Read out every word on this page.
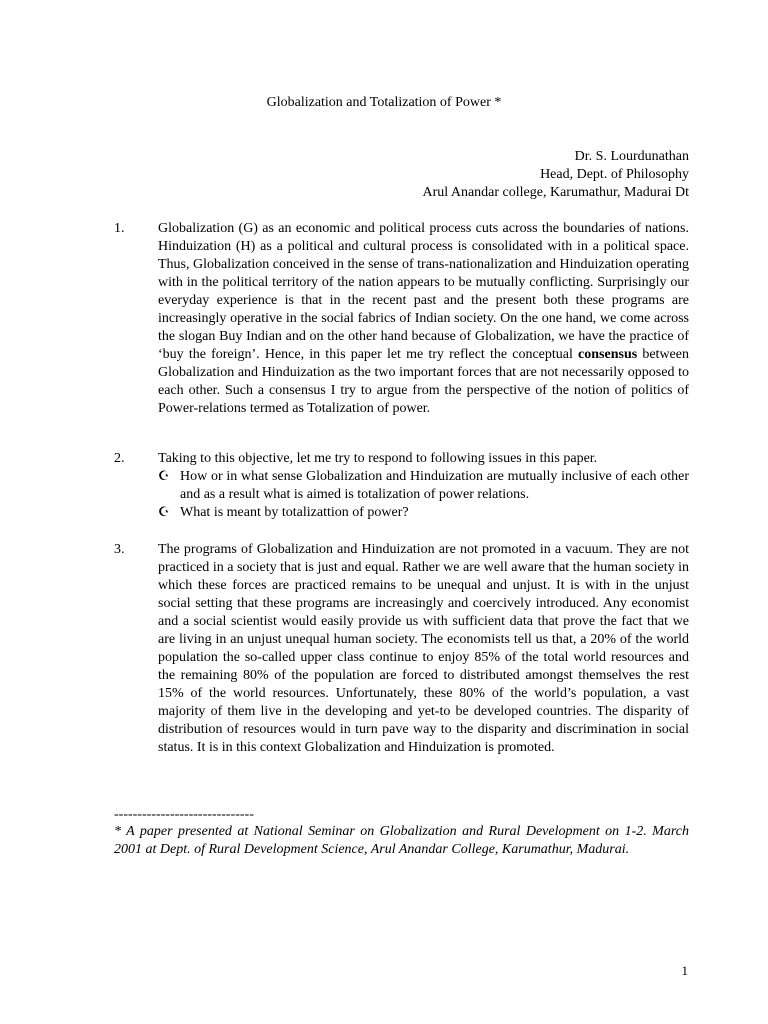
Globalization and Totalization of Power *
Dr. S. Lourdunathan
Head, Dept. of Philosophy
Arul Anandar college, Karumathur, Madurai Dt
1. Globalization (G) as an economic and political process cuts across the boundaries of nations. Hinduization (H) as a political and cultural process is consolidated with in a political space. Thus, Globalization conceived in the sense of trans-nationalization and Hinduization operating with in the political territory of the nation appears to be mutually conflicting. Surprisingly our everyday experience is that in the recent past and the present both these programs are increasingly operative in the social fabrics of Indian society. On the one hand, we come across the slogan Buy Indian and on the other hand because of Globalization, we have the practice of ‘buy the foreign’. Hence, in this paper let me try reflect the conceptual consensus between Globalization and Hinduization as the two important forces that are not necessarily opposed to each other. Such a consensus I try to argue from the perspective of the notion of politics of Power-relations termed as Totalization of power.
2. Taking to this objective, let me try to respond to following issues in this paper.
☪ How or in what sense Globalization and Hinduization are mutually inclusive of each other and as a result what is aimed is totalization of power relations.
☪ What is meant by totalizattion of power?
3. The programs of Globalization and Hinduization are not promoted in a vacuum. They are not practiced in a society that is just and equal. Rather we are well aware that the human society in which these forces are practiced remains to be unequal and unjust. It is with in the unjust social setting that these programs are increasingly and coercively introduced. Any economist and a social scientist would easily provide us with sufficient data that prove the fact that we are living in an unjust unequal human society. The economists tell us that, a 20% of the world population the so-called upper class continue to enjoy 85% of the total world resources and the remaining 80% of the population are forced to distributed amongst themselves the rest 15% of the world resources. Unfortunately, these 80% of the world’s population, a vast majority of them live in the developing and yet-to be developed countries. The disparity of distribution of resources would in turn pave way to the disparity and discrimination in social status. It is in this context Globalization and Hinduization is promoted.
------------------------------
* A paper presented at National Seminar on Globalization and Rural Development on 1-2. March 2001 at Dept. of Rural Development Science, Arul Anandar College, Karumathur, Madurai.
1
